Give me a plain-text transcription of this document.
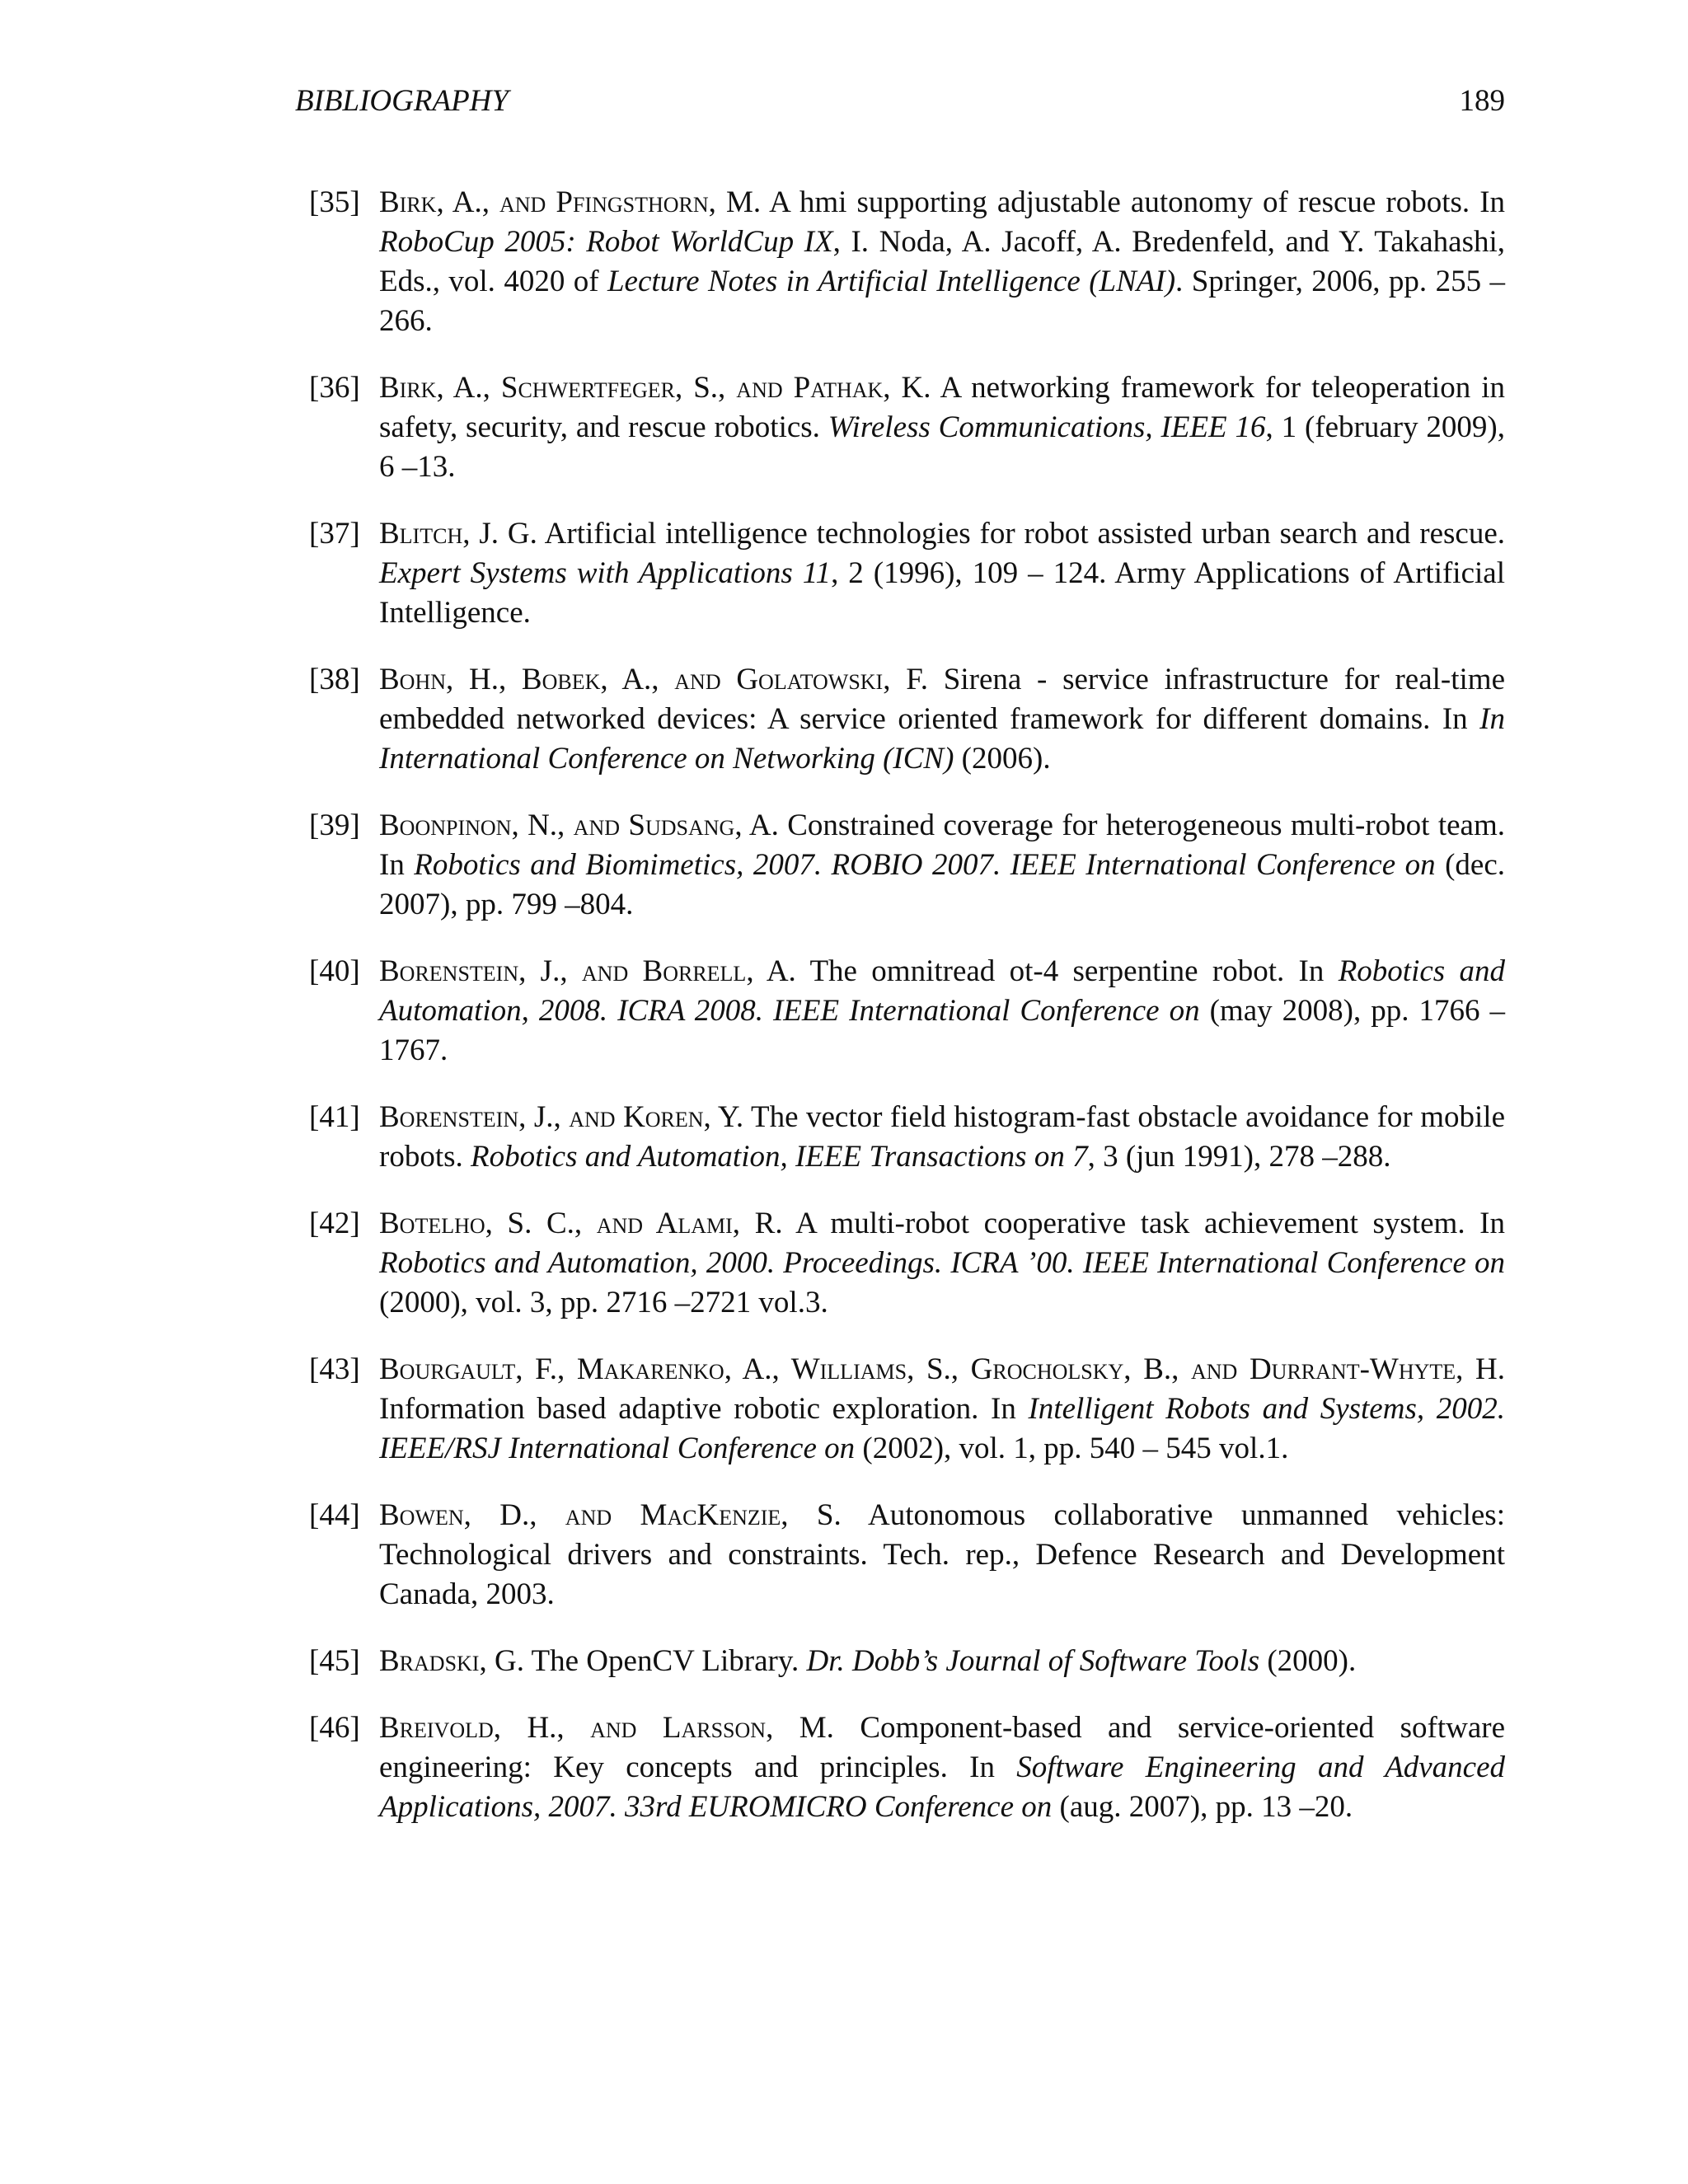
BIBLIOGRAPHY	189
[35] Birk, A., and Pfingsthorn, M. A hmi supporting adjustable autonomy of rescue robots. In RoboCup 2005: Robot WorldCup IX, I. Noda, A. Jacoff, A. Bredenfeld, and Y. Takahashi, Eds., vol. 4020 of Lecture Notes in Artificial Intelligence (LNAI). Springer, 2006, pp. 255 – 266.
[36] Birk, A., Schwertfeger, S., and Pathak, K. A networking framework for teleoperation in safety, security, and rescue robotics. Wireless Communications, IEEE 16, 1 (february 2009), 6 –13.
[37] Blitch, J. G. Artificial intelligence technologies for robot assisted urban search and rescue. Expert Systems with Applications 11, 2 (1996), 109 – 124. Army Applications of Artificial Intelligence.
[38] Bohn, H., Bobek, A., and Golatowski, F. Sirena - service infrastructure for real-time embedded networked devices: A service oriented framework for different domains. In In International Conference on Networking (ICN) (2006).
[39] Boonpinon, N., and Sudsang, A. Constrained coverage for heterogeneous multi-robot team. In Robotics and Biomimetics, 2007. ROBIO 2007. IEEE International Conference on (dec. 2007), pp. 799 –804.
[40] Borenstein, J., and Borrell, A. The omnitread ot-4 serpentine robot. In Robotics and Automation, 2008. ICRA 2008. IEEE International Conference on (may 2008), pp. 1766 –1767.
[41] Borenstein, J., and Koren, Y. The vector field histogram-fast obstacle avoidance for mobile robots. Robotics and Automation, IEEE Transactions on 7, 3 (jun 1991), 278 –288.
[42] Botelho, S. C., and Alami, R. A multi-robot cooperative task achievement system. In Robotics and Automation, 2000. Proceedings. ICRA ’00. IEEE International Conference on (2000), vol. 3, pp. 2716 –2721 vol.3.
[43] Bourgault, F., Makarenko, A., Williams, S., Grocholsky, B., and Durrant-Whyte, H. Information based adaptive robotic exploration. In Intelligent Robots and Systems, 2002. IEEE/RSJ International Conference on (2002), vol. 1, pp. 540 – 545 vol.1.
[44] Bowen, D., and MacKenzie, S. Autonomous collaborative unmanned vehicles: Technological drivers and constraints. Tech. rep., Defence Research and Development Canada, 2003.
[45] Bradski, G. The OpenCV Library. Dr. Dobb’s Journal of Software Tools (2000).
[46] Breivold, H., and Larsson, M. Component-based and service-oriented software engineering: Key concepts and principles. In Software Engineering and Advanced Applications, 2007. 33rd EUROMICRO Conference on (aug. 2007), pp. 13 –20.
